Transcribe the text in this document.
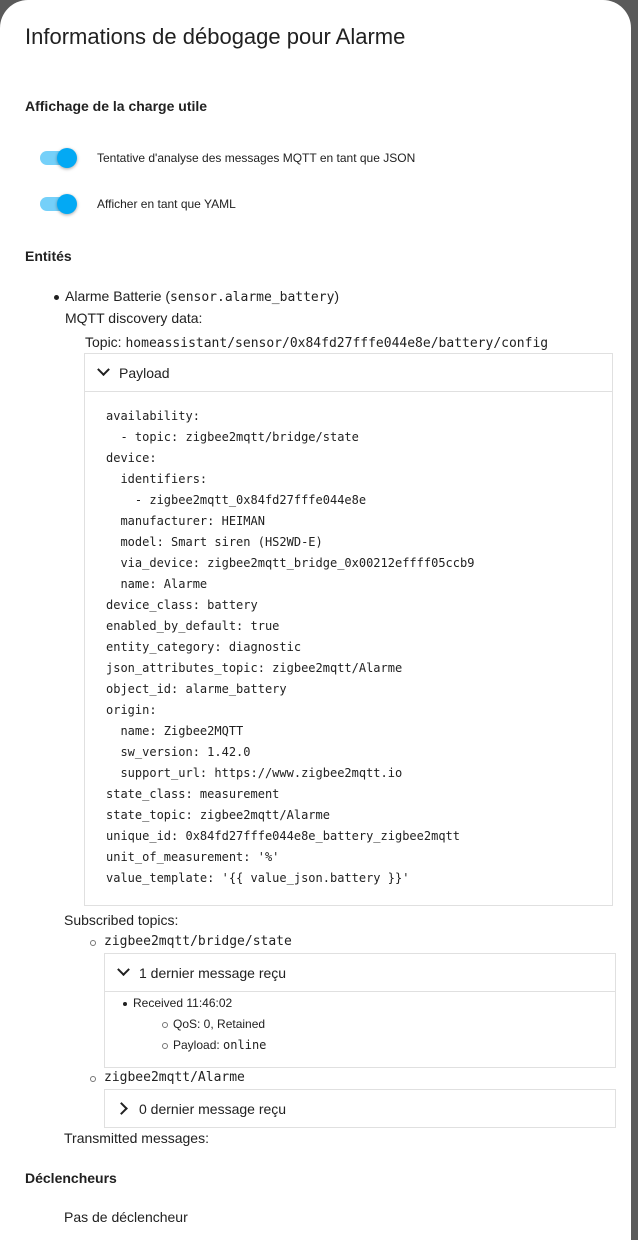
Informations de débogage pour Alarme
Affichage de la charge utile
Tentative d'analyse des messages MQTT en tant que JSON
Afficher en tant que YAML
Entités
Alarme Batterie (sensor.alarme_battery)
MQTT discovery data:
Topic: homeassistant/sensor/0x84fd27fffe044e8e/battery/config
Payload
availability:
- topic: zigbee2mqtt/bridge/state
device:
identifiers:
- zigbee2mqtt_0x84fd27fffe044e8e
manufacturer: HEIMAN
model: Smart siren (HS2WD-E)
via_device: zigbee2mqtt_bridge_0x00212effff05ccb9
name: Alarme
device_class: battery
enabled_by_default: true
entity_category: diagnostic
json_attributes_topic: zigbee2mqtt/Alarme
object_id: alarme_battery
origin:
name: Zigbee2MQTT
sw_version: 1.42.0
support_url: https://www.zigbee2mqtt.io
state_class: measurement
state_topic: zigbee2mqtt/Alarme
unique_id: 0x84fd27fffe044e8e_battery_zigbee2mqtt
unit_of_measurement: '%'
value_template: '{{ value_json.battery }}'
Subscribed topics:
zigbee2mqtt/bridge/state
1 dernier message reçu
Received 11:46:02
QoS: 0, Retained
Payload: online
zigbee2mqtt/Alarme
0 dernier message reçu
Transmitted messages:
Déclencheurs
Pas de déclencheur
